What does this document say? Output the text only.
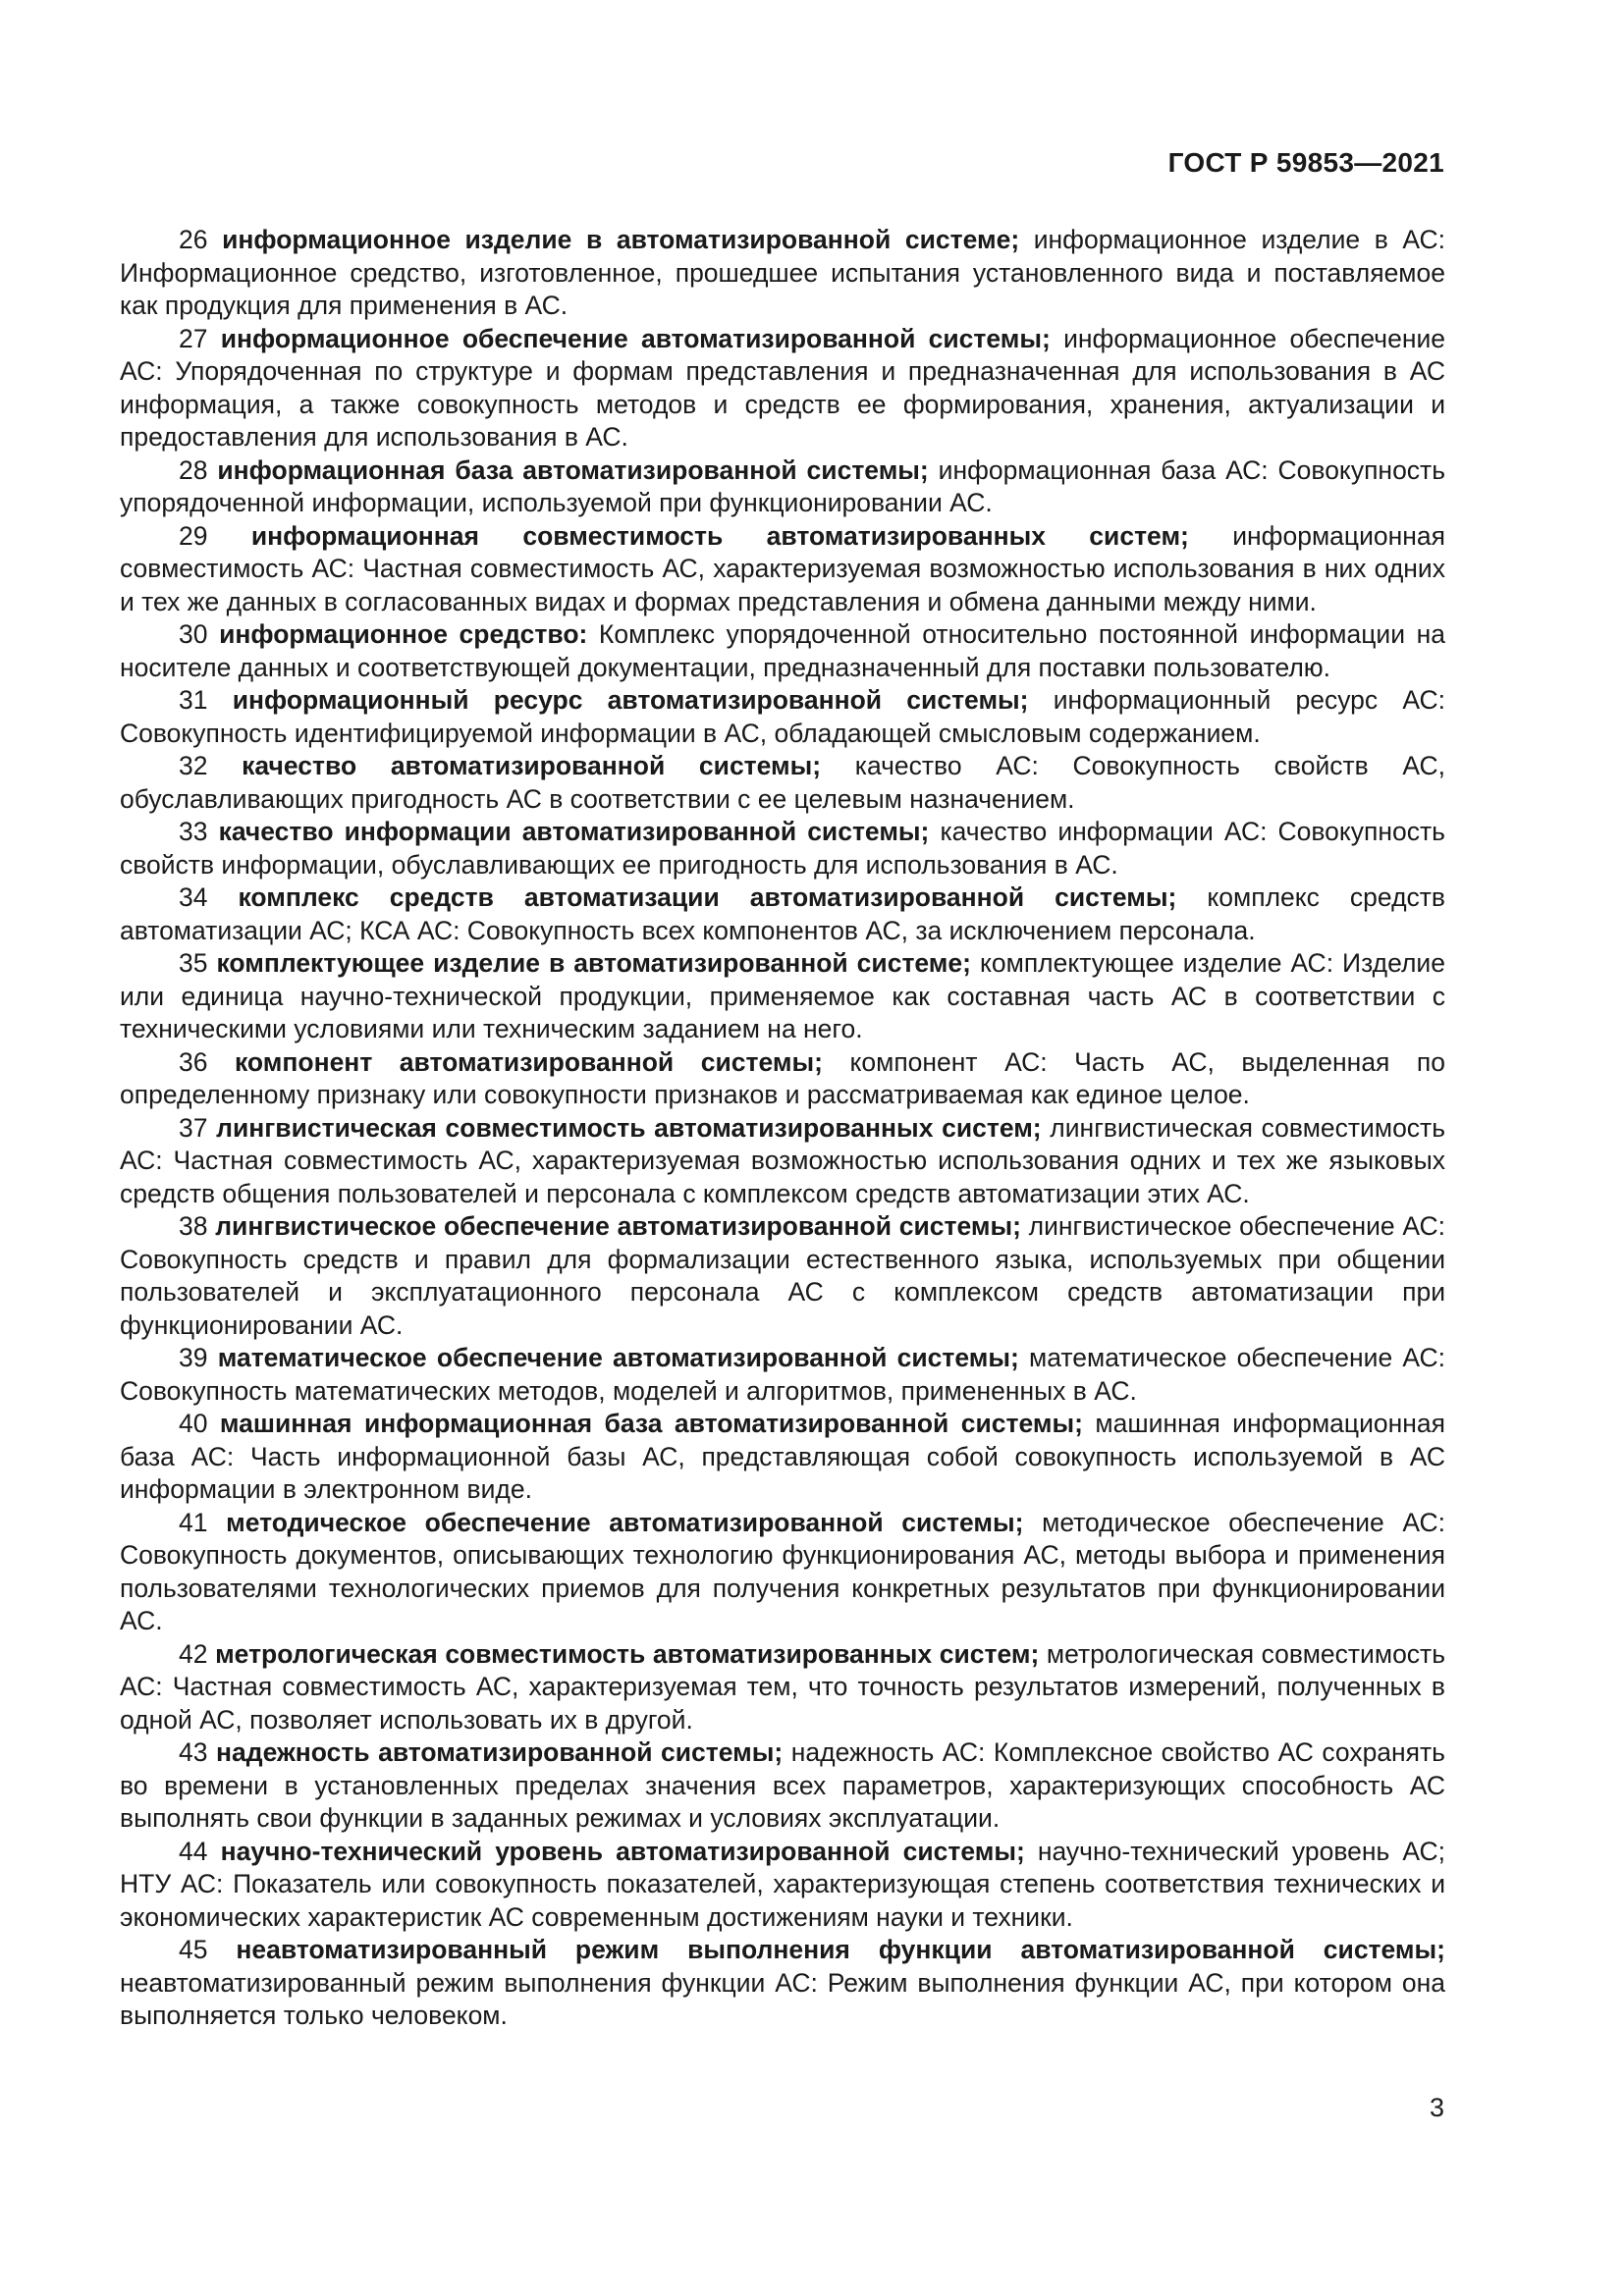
ГОСТ Р 59853—2021

26 информационное изделие в автоматизированной системе; информационное изделие в АС: Информационное средство, изготовленное, прошедшее испытания установленного вида и поставляемое как продукция для применения в АС.

27 информационное обеспечение автоматизированной системы; информационное обеспечение АС: Упорядоченная по структуре и формам представления и предназначенная для использования в АС информация, а также совокупность методов и средств ее формирования, хранения, актуализации и предоставления для использования в АС.

28 информационная база автоматизированной системы; информационная база АС: Совокупность упорядоченной информации, используемой при функционировании АС.

29 информационная совместимость автоматизированных систем; информационная совместимость АС: Частная совместимость АС, характеризуемая возможностью использования в них одних и тех же данных в согласованных видах и формах представления и обмена данными между ними.

30 информационное средство: Комплекс упорядоченной относительно постоянной информации на носителе данных и соответствующей документации, предназначенный для поставки пользователю.

31 информационный ресурс автоматизированной системы; информационный ресурс АС: Совокупность идентифицируемой информации в АС, обладающей смысловым содержанием.

32 качество автоматизированной системы; качество АС: Совокупность свойств АС, обуславливающих пригодность АС в соответствии с ее целевым назначением.

33 качество информации автоматизированной системы; качество информации АС: Совокупность свойств информации, обуславливающих ее пригодность для использования в АС.

34 комплекс средств автоматизации автоматизированной системы; комплекс средств автоматизации АС; КСА АС: Совокупность всех компонентов АС, за исключением персонала.

35 комплектующее изделие в автоматизированной системе; комплектующее изделие АС: Изделие или единица научно-технической продукции, применяемое как составная часть АС в соответствии с техническими условиями или техническим заданием на него.

36 компонент автоматизированной системы; компонент АС: Часть АС, выделенная по определенному признаку или совокупности признаков и рассматриваемая как единое целое.

37 лингвистическая совместимость автоматизированных систем; лингвистическая совместимость АС: Частная совместимость АС, характеризуемая возможностью использования одних и тех же языковых средств общения пользователей и персонала с комплексом средств автоматизации этих АС.

38 лингвистическое обеспечение автоматизированной системы; лингвистическое обеспечение АС: Совокупность средств и правил для формализации естественного языка, используемых при общении пользователей и эксплуатационного персонала АС с комплексом средств автоматизации при функционировании АС.

39 математическое обеспечение автоматизированной системы; математическое обеспечение АС: Совокупность математических методов, моделей и алгоритмов, примененных в АС.

40 машинная информационная база автоматизированной системы; машинная информационная база АС: Часть информационной базы АС, представляющая собой совокупность используемой в АС информации в электронном виде.

41 методическое обеспечение автоматизированной системы; методическое обеспечение АС: Совокупность документов, описывающих технологию функционирования АС, методы выбора и применения пользователями технологических приемов для получения конкретных результатов при функционировании АС.

42 метрологическая совместимость автоматизированных систем; метрологическая совместимость АС: Частная совместимость АС, характеризуемая тем, что точность результатов измерений, полученных в одной АС, позволяет использовать их в другой.

43 надежность автоматизированной системы; надежность АС: Комплексное свойство АС сохранять во времени в установленных пределах значения всех параметров, характеризующих способность АС выполнять свои функции в заданных режимах и условиях эксплуатации.

44 научно-технический уровень автоматизированной системы; научно-технический уровень АС; НТУ АС: Показатель или совокупность показателей, характеризующая степень соответствия технических и экономических характеристик АС современным достижениям науки и техники.

45 неавтоматизированный режим выполнения функции автоматизированной системы; неавтоматизированный режим выполнения функции АС: Режим выполнения функции АС, при котором она выполняется только человеком.

3
